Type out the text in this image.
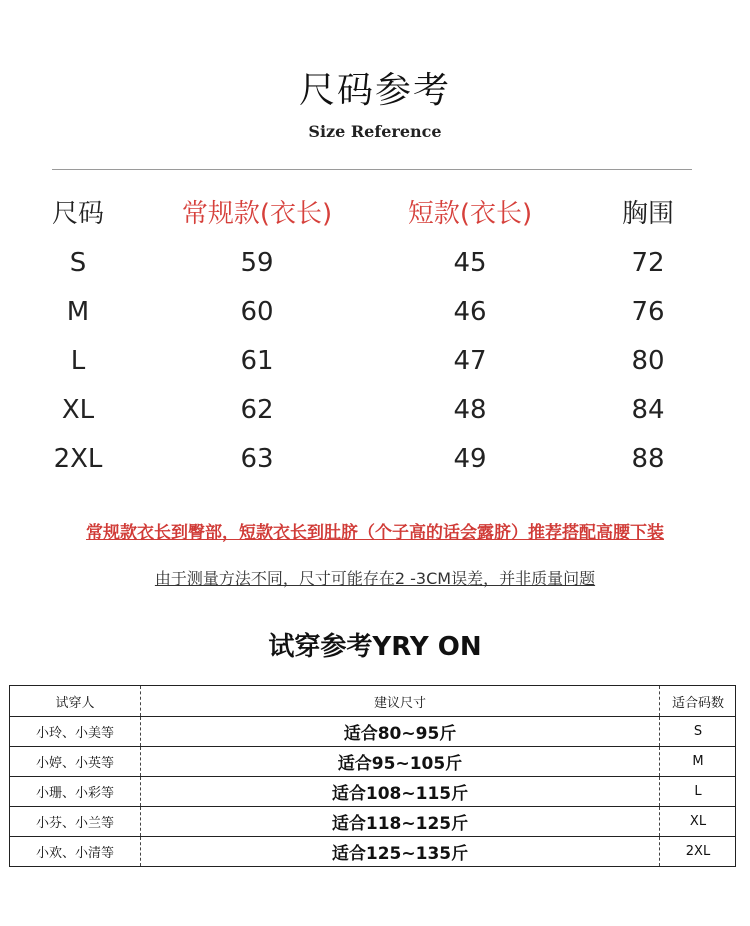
尺码参考
Size Reference
尺码	常规款(衣长)	短款(衣长)	胸围
S	59	45	72
M	60	46	76
L	61	47	80
XL	62	48	84
2XL	63	49	88
常规款衣长到臀部，短款衣长到肚脐（个子高的话会露脐）推荐搭配高腰下装
由于测量方法不同，尺寸可能存在2 -3CM误差，并非质量问题
试穿参考YRY ON
试穿人	建议尺寸	适合码数
小玲、小美等	适合80~95斤	S
小婷、小英等	适合95~105斤	M
小珊、小彩等	适合108~115斤	L
小芬、小兰等	适合118~125斤	XL
小欢、小清等	适合125~135斤	2XL
